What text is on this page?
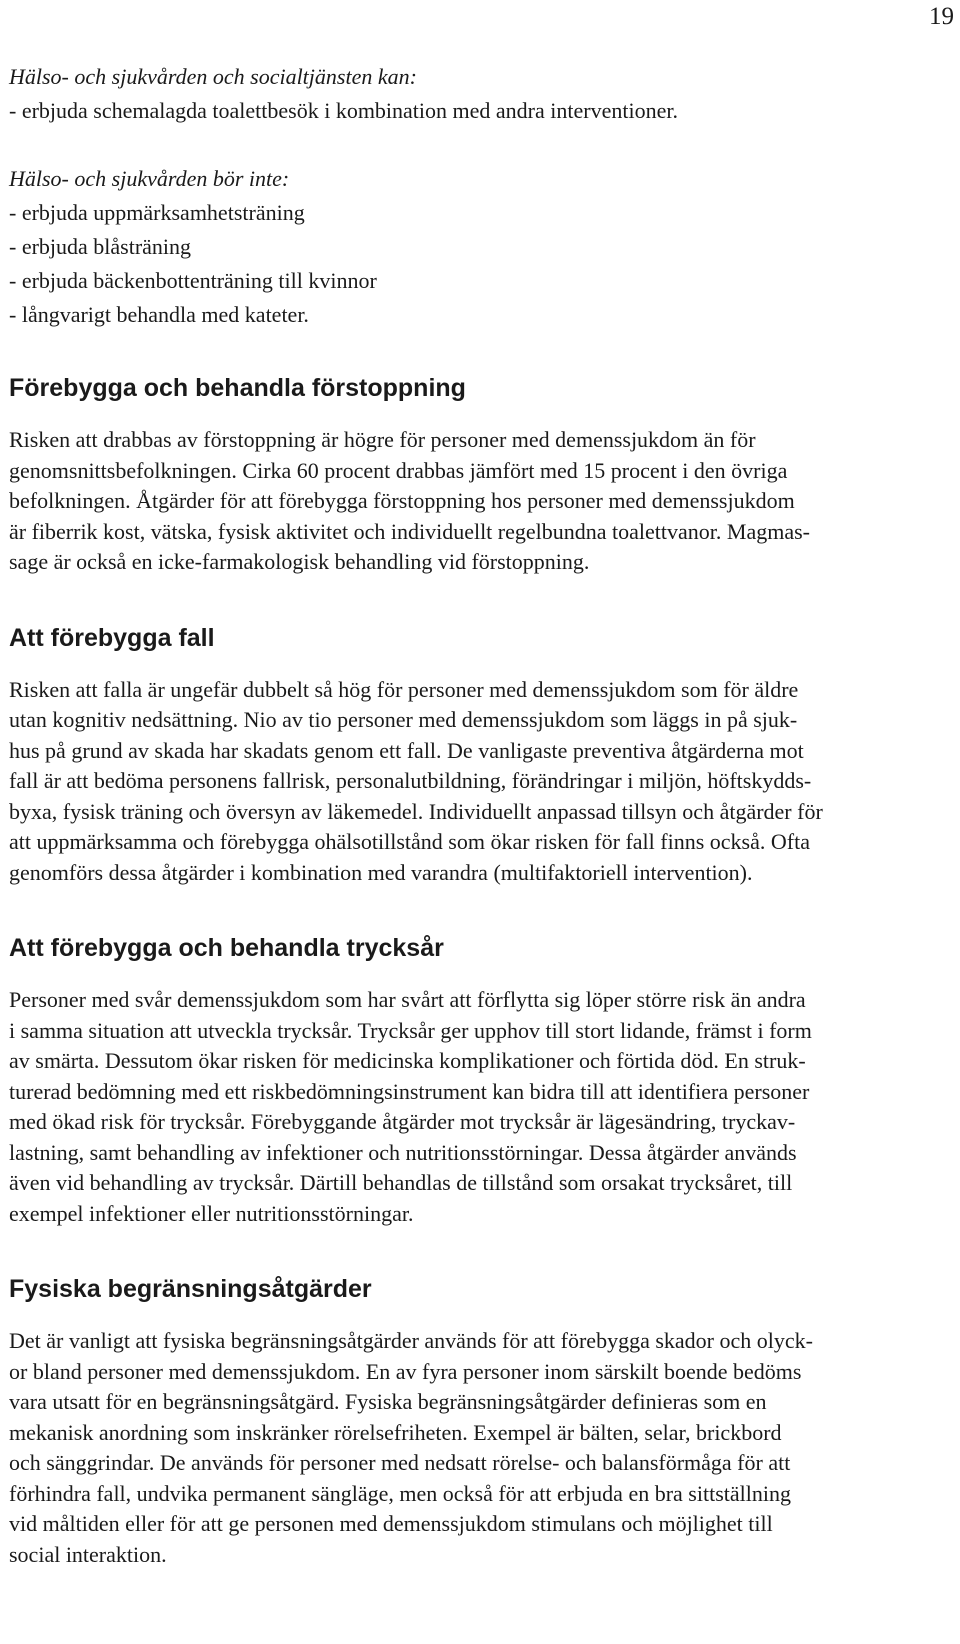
19
Hälso- och sjukvården och socialtjänsten kan:
- erbjuda schemalagda toalettbesök i kombination med andra interventioner.
Hälso- och sjukvården bör inte:
- erbjuda uppmärksamhetsträning
- erbjuda blåsträning
- erbjuda bäckenbottenträning till kvinnor
- långvarigt behandla med kateter.
Förebygga och behandla förstoppning
Risken att drabbas av förstoppning är högre för personer med demenssjukdom än för
genomsnittsbefolkningen. Cirka 60 procent drabbas jämfört med 15 procent i den övriga
befolkningen. Åtgärder för att förebygga förstoppning hos personer med demenssjukdom
är fiberrik kost, vätska, fysisk aktivitet och individuellt regelbundna toalettvanor. Magmas-
sage är också en icke-farmakologisk behandling vid förstoppning.
Att förebygga fall
Risken att falla är ungefär dubbelt så hög för personer med demenssjukdom som för äldre
utan kognitiv nedsättning. Nio av tio personer med demenssjukdom som läggs in på sjuk-
hus på grund av skada har skadats genom ett fall. De vanligaste preventiva åtgärderna mot
fall är att bedöma personens fallrisk, personalutbildning, förändringar i miljön, höftskydds-
byxa, fysisk träning och översyn av läkemedel. Individuellt anpassad tillsyn och åtgärder för
att uppmärksamma och förebygga ohälsotillstånd som ökar risken för fall finns också. Ofta
genomförs dessa åtgärder i kombination med varandra (multifaktoriell intervention).
Att förebygga och behandla trycksår
Personer med svår demenssjukdom som har svårt att förflytta sig löper större risk än andra
i samma situation att utveckla trycksår. Trycksår ger upphov till stort lidande, främst i form
av smärta. Dessutom ökar risken för medicinska komplikationer och förtida död. En struk-
turerad bedömning med ett riskbedömningsinstrument kan bidra till att identifiera personer
med ökad risk för trycksår. Förebyggande åtgärder mot trycksår är lägesändring, tryckav-
lastning, samt behandling av infektioner och nutritionsstörningar. Dessa åtgärder används
även vid behandling av trycksår. Därtill behandlas de tillstånd som orsakat trycksåret, till
exempel infektioner eller nutritionsstörningar.
Fysiska begränsningsåtgärder
Det är vanligt att fysiska begränsningsåtgärder används för att förebygga skador och olyck-
or bland personer med demenssjukdom. En av fyra personer inom särskilt boende bedöms
vara utsatt för en begränsningsåtgärd. Fysiska begränsningsåtgärder definieras som en
mekanisk anordning som inskränker rörelsefriheten. Exempel är bälten, selar, brickbord
och sänggrindar. De används för personer med nedsatt rörelse- och balansförmåga för att
förhindra fall, undvika permanent sängläge, men också för att erbjuda en bra sittställning
vid måltiden eller för att ge personen med demenssjukdom stimulans och möjlighet till
social interaktion.
